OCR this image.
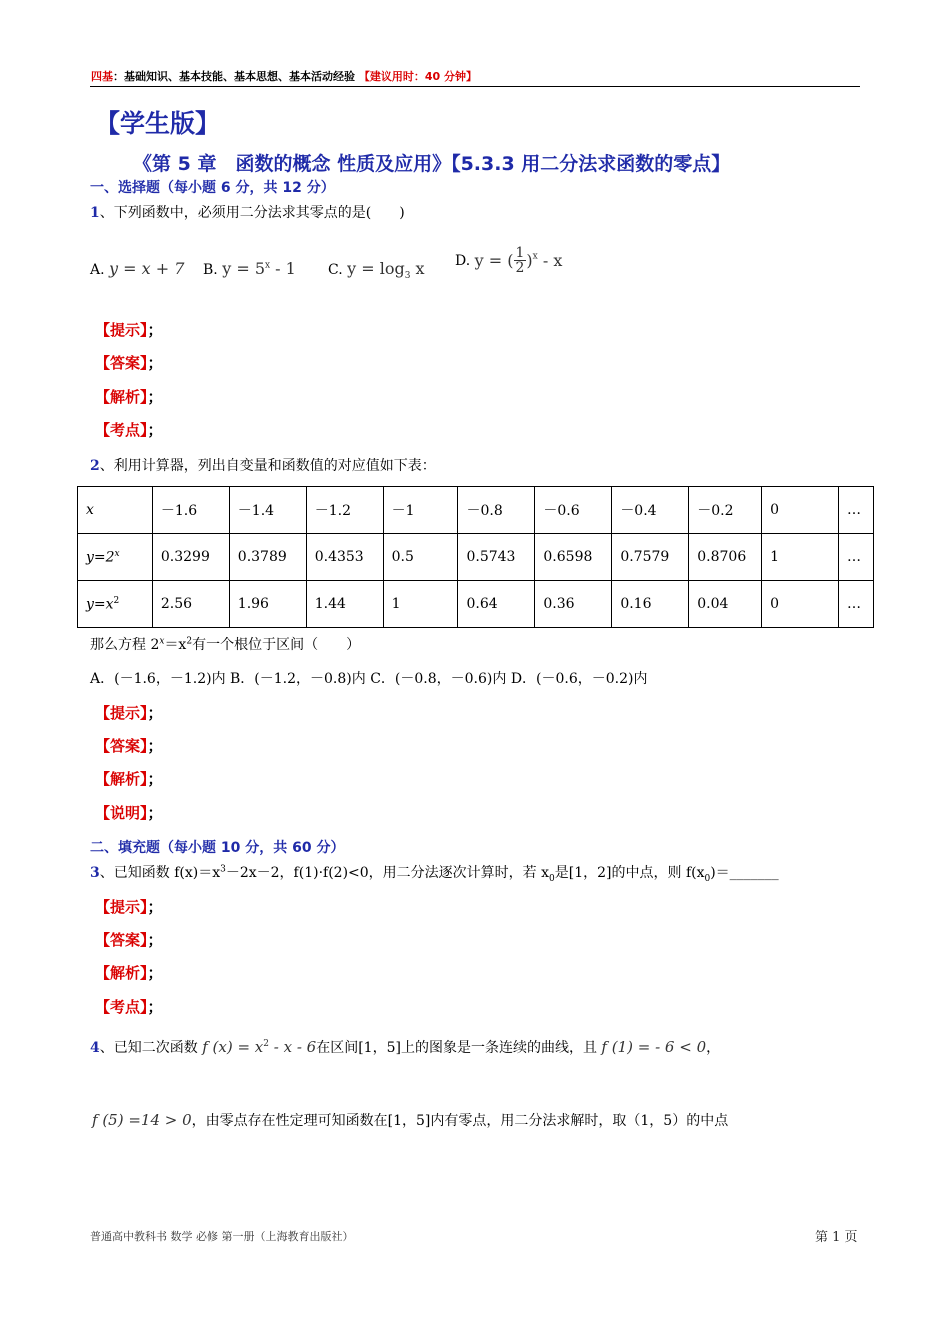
四基：基础知识、基本技能、基本思想、基本活动经验 【建议用时：40 分钟】
【学生版】
《第 5 章　函数的概念 性质及应用》【5.3.3 用二分法求函数的零点】
一、选择题（每小题 6 分，共 12 分）
1、下列函数中，必须用二分法求其零点的是(　　)
A. y = x + 7 B. $y = 5^x - 1$ C. $y = \log_3 x$ D. y = ( $\frac{1}{2} )^x$ - x
【提示】；
【答案】；
【解析】；
【考点】；
2、利用计算器，列出自变量和函数值的对应值如下表：
x	－1.6	－1.4	－1.2	－1	－0.8	－0.6	－0.4	－0.2	0	…
$y=2^x$	0.3299	0.3789	0.4353	0.5	0.5743	0.6598	0.7579	0.8706	1	…
$y=x^2$	2.56	1.96	1.44	1	0.64	0.36	0.16	0.04	0	…
那么方程 $2^x=x^2$有一个根位于区间（　　）
A．(－1.6，－1.2)内 B．(－1.2，－0.8)内 C．(－0.8，－0.6)内 D．(－0.6，－0.2)内
【提示】；
【答案】；
【解析】；
【说明】；
二、填充题（每小题 10 分，共 60 分）
3、已知函数 $f(x)=x^3-2x-2$，f(1)·f(2)<0，用二分法逐次计算时，若 $x_0$是[1，2]的中点，则 $f(x_0)=\_\_\_\_\_\_\_$
【提示】；
【答案】；
【解析】；
【考点】；
4、已知二次函数 f $(x) = x^2 - x - 6$在区间[1，5]上的图象是一条连续的曲线，且 f (1) = - 6 < 0，
f (5) =14 > 0，由零点存在性定理可知函数在[1，5]内有零点，用二分法求解时，取（1，5）的中点
普通高中教科书 数学 必修 第一册（上海教育出版社）	第 1 页
